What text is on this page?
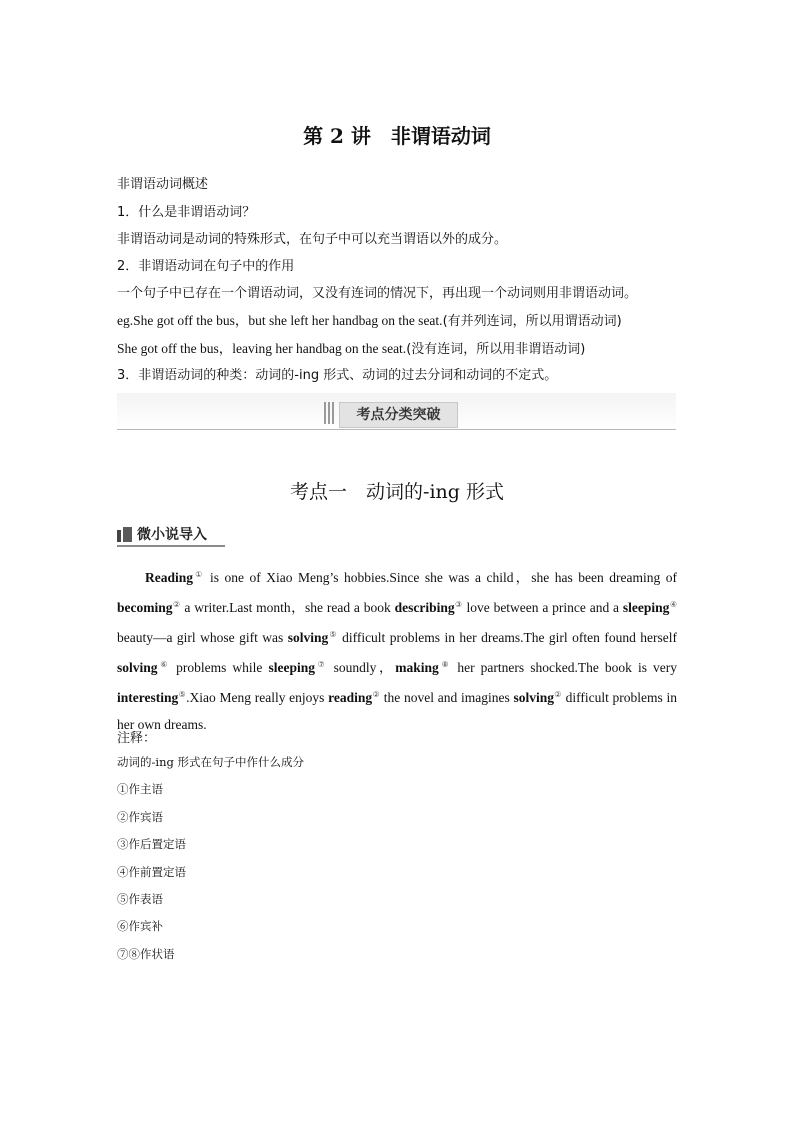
第 2 讲　非谓语动词
非谓语动词概述
1．什么是非谓语动词？
非谓语动词是动词的特殊形式，在句子中可以充当谓语以外的成分。
2．非谓语动词在句子中的作用
一个句子中已存在一个谓语动词，又没有连词的情况下，再出现一个动词则用非谓语动词。
eg.She got off the bus，but she left her handbag on the seat.(有并列连词，所以用谓语动词)
She got off the bus，leaving her handbag on the seat.(没有连词，所以用非谓语动词)
3．非谓语动词的种类：动词的-ing 形式、动词的过去分词和动词的不定式。
考点分类突破
考点一　动词的-ing 形式
微小说导入
Reading① is one of Xiao Meng’s hobbies.Since she was a child，she has been dreaming of becoming② a writer.Last month，she read a book describing③ love between a prince and a sleeping④ beauty—a girl whose gift was solving⑤ difficult problems in her dreams.The girl often found herself solving⑥ problems while sleeping⑦ soundly，making⑧ her partners shocked.The book is very interesting⑤.Xiao Meng really enjoys reading② the novel and imagines solving② difficult problems in her own dreams.
注释：
动词的-ing 形式在句子中作什么成分
①作主语
②作宾语
③作后置定语
④作前置定语
⑤作表语
⑥作宾补
⑦⑧作状语
